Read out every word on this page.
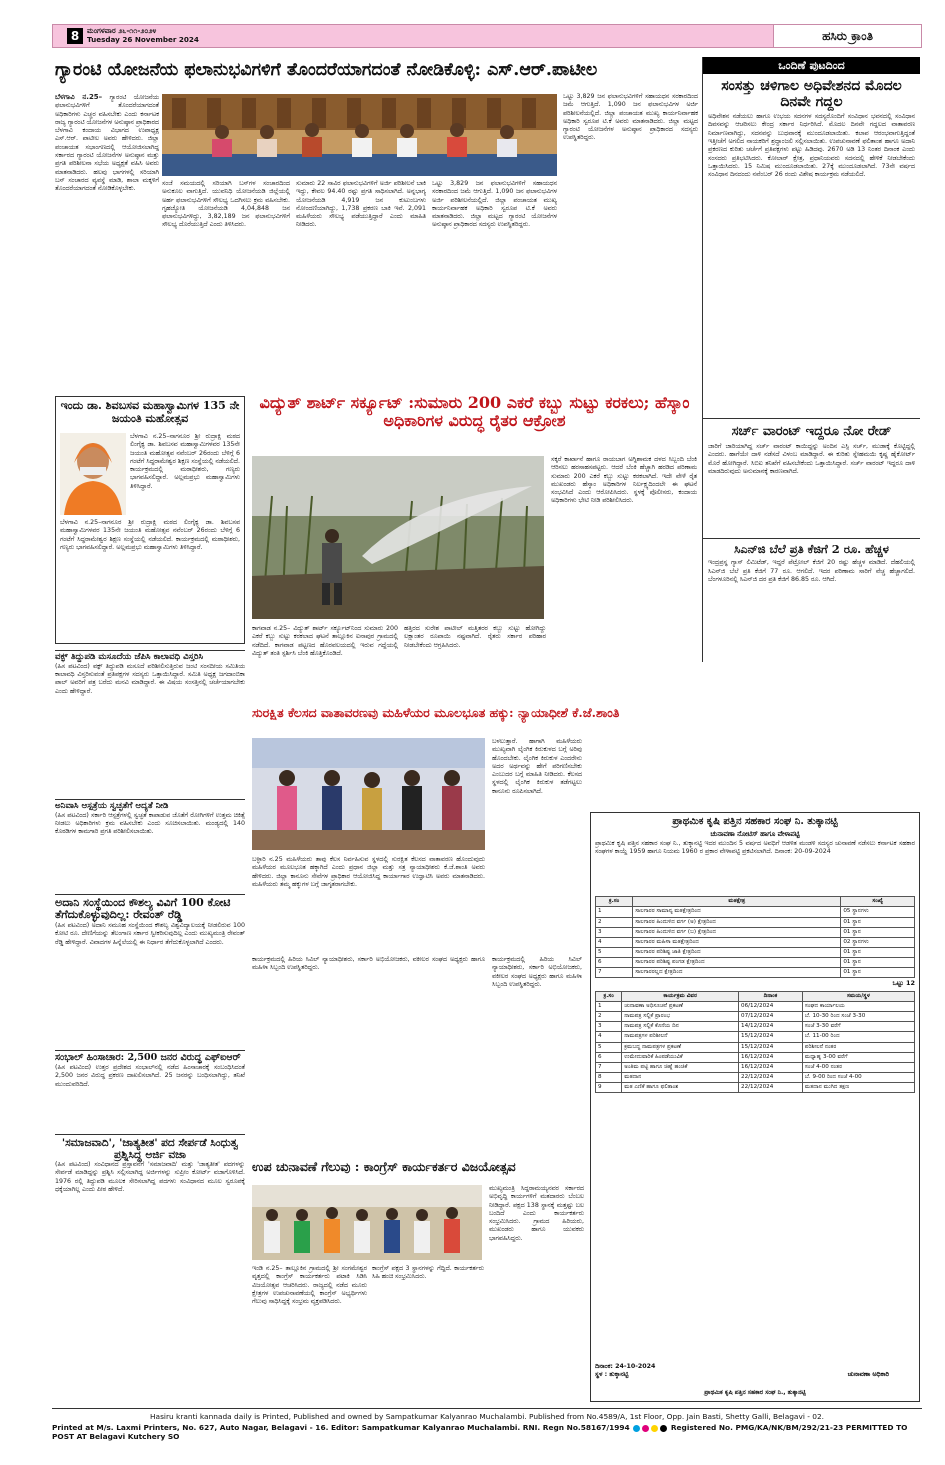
8	ಮಂಗಳವಾರ ೨೬-೧೧-೨೦೨೪
Tuesday 26 November 2024	ಹಸಿರು ಕ್ರಾಂತಿ
ಗ್ಯಾರಂಟಿ ಯೋಜನೆಯ ಫಲಾನುಭವಿಗಳಿಗೆ ತೊಂದರೆಯಾಗದಂತೆ ನೋಡಿಕೊಳ್ಳಿ: ಎಸ್.ಆರ್.ಪಾಟೀಲ
ಬೆಳಗಾವಿ ನ.25– ಗ್ಯಾರಂಟಿ ಯೋಜನೆಯ ಫಲಾನುಭವಿಗಳಿಗೆ ತೊಂದರೆಯಾಗದಂತೆ ಅಧಿಕಾರಿಗಳು ಎಚ್ಚರ ವಹಿಸಬೇಕು ಎಂದು ಕರ್ನಾಟಕ ರಾಜ್ಯ ಗ್ಯಾರಂಟಿ ಯೋಜನೆಗಳ ಅನುಷ್ಠಾನ ಪ್ರಾಧಿಕಾರದ ಬೆಳಗಾವಿ ಕಂದಾಯ ವಿಭಾಗದ ಉಪಾಧ್ಯಕ್ಷ ಎಸ್.ಆರ್. ಪಾಟೀಲ ಅವರು ಹೇಳಿದರು. ಜಿಲ್ಲಾ ಪಂಚಾಯತ ಸಭಾಂಗಣದಲ್ಲಿ ಆಯೋಜಿಸಲಾಗಿದ್ದ ಸರ್ಕಾರದ ಗ್ಯಾರಂಟಿ ಯೋಜನೆಗಳ ಅನುಷ್ಠಾನ ಮತ್ತು ಪ್ರಗತಿ ಪರಿಶೀಲನಾ ಸಭೆಯ ಅಧ್ಯಕ್ಷತೆ ವಹಿಸಿ ಅವರು ಮಾತನಾಡಿದರು. ಹಲವು ಭಾಗಗಳಲ್ಲಿ ಸರಿಯಾಗಿ ಬಸ್ ಸಂಚಾರದ ವ್ಯವಸ್ಥೆ ಮಾಡಿ, ಶಾಲಾ ಮಕ್ಕಳಿಗೆ ತೊಂದರೆಯಾಗದಂತೆ ನೋಡಿಕೊಳ್ಳಬೇಕು.
ಸಂಜೆ ಸಮಯದಲ್ಲಿ ಸರಿಯಾಗಿ ಬಸ್‌ಗಳ ಸಂಚಾರದಿಂದ ಅನುಕೂಲ ವಾಗುತ್ತಿದೆ. ಯುವನಿಧಿ ಯೋಜನೆಯಡಿ ಜಿಲ್ಲೆಯಲ್ಲಿ ಅರ್ಹ ಫಲಾನುಭವಿಗಳಿಗೆ ಸೌಲಭ್ಯ ಒದಗಿಸಲು ಕ್ರಮ ವಹಿಸಬೇಕು. ಗೃಹಜ್ಯೋತಿ ಯೋಜನೆಯಡಿ 4,04,848 ಜನ ಫಲಾನುಭವಿಗಳಿದ್ದು, 3,82,189 ಜನ ಫಲಾನುಭವಿಗಳಿಗೆ ಸೌಲಭ್ಯ ದೊರೆಯುತ್ತಿದೆ ಎಂದು ತಿಳಿಸಿದರು.
ಸುಮಾರು 22 ಸಾವಿರ ಫಲಾನುಭವಿಗಳಿಗೆ ಅರ್ಜಿ ಪರಿಶೀಲನೆ ಬಾಕಿ ಇದ್ದು, ಕೇವಲ 94.40 ರಷ್ಟು ಪ್ರಗತಿ ಸಾಧಿಸಲಾಗಿದೆ. ಅನ್ನಭಾಗ್ಯ ಯೋಜನೆಯಡಿ 4,919 ಜನ ಕುಟುಂಬಗಳು ನೋಂದಣಿಯಾಗಿದ್ದು, 1,738 ಪ್ರಕರಣ ಬಾಕಿ ಇವೆ. 2,091 ಮಹಿಳೆಯರು ಸೌಲಭ್ಯ ಪಡೆಯುತ್ತಿದ್ದಾರೆ ಎಂದು ಮಾಹಿತಿ ನೀಡಿದರು.
ಒಟ್ಟು 3,829 ಜನ ಫಲಾನುಭವಿಗಳಿಗೆ ಸಹಾಯಧನ ಸರಕಾರದಿಂದ ಜಮೆ ಆಗುತ್ತಿದೆ. 1,090 ಜನ ಫಲಾನುಭವಿಗಳ ಅರ್ಜಿ ಪರಿಶೀಲನೆಯಲ್ಲಿದೆ. ಜಿಲ್ಲಾ ಪಂಚಾಯತ ಮುಖ್ಯ ಕಾರ್ಯನಿರ್ವಾಹಕ ಅಧಿಕಾರಿ ಸ್ವರೂಪ ಟಿ.ಕೆ ಅವರು ಮಾತನಾಡಿದರು. ಜಿಲ್ಲಾ ಮಟ್ಟದ ಗ್ಯಾರಂಟಿ ಯೋಜನೆಗಳ ಅನುಷ್ಠಾನ ಪ್ರಾಧಿಕಾರದ ಸದಸ್ಯರು ಉಪಸ್ಥಿತರಿದ್ದರು.
ಒಟ್ಟು 3,829 ಜನ ಫಲಾನುಭವಿಗಳಿಗೆ ಸಹಾಯಧನ ಸರಕಾರದಿಂದ ಜಮೆ ಆಗುತ್ತಿದೆ. 1,090 ಜನ ಫಲಾನುಭವಿಗಳ ಅರ್ಜಿ ಪರಿಶೀಲನೆಯಲ್ಲಿದೆ. ಜಿಲ್ಲಾ ಪಂಚಾಯತ ಮುಖ್ಯ ಕಾರ್ಯನಿರ್ವಾಹಕ ಅಧಿಕಾರಿ ಸ್ವರೂಪ ಟಿ.ಕೆ ಅವರು ಮಾತನಾಡಿದರು. ಜಿಲ್ಲಾ ಮಟ್ಟದ ಗ್ಯಾರಂಟಿ ಯೋಜನೆಗಳ ಅನುಷ್ಠಾನ ಪ್ರಾಧಿಕಾರದ ಸದಸ್ಯರು ಉಪಸ್ಥಿತರಿದ್ದರು.
ಒಂದಿಣೆ ಪುಟದಿಂದ
ಸಂಸತ್ತು ಚಳಿಗಾಲ ಅಧಿವೇಶನದ ಮೊದಲ ದಿನವೇ ಗದ್ದಲ
ಅಧಿವೇಶನ ನಡೆಯಲು ಹಾಗೂ ಉಭಯ ಸದನಗಳ ಸದಸ್ಯರೊಂದಿಗೆ ಸಂವಿಧಾನ ಭವನದಲ್ಲಿ ಸಂವಿಧಾನ ದಿವಸವನ್ನು ಆಚರಿಸಲು ಕೇಂದ್ರ ಸರ್ಕಾರ ನಿರ್ಧರಿಸಿದೆ. ಮೊದಲ ದಿನವೇ ಗದ್ದಲದ ವಾತಾವರಣ ನಿರ್ಮಾಣವಾಗಿದ್ದು, ಸದನವನ್ನು ಬುಧವಾರಕ್ಕೆ ಮುಂದೂಡಲಾಯಿತು. ಕಲಾಪ ಆರಂಭವಾಗುತ್ತಿದ್ದಂತೆ ಇತ್ತೀಚೆಗೆ ಅಗಲಿದ ನಾಯಕರಿಗೆ ಶ್ರದ್ಧಾಂಜಲಿ ಸಲ್ಲಿಸಲಾಯಿತು. ಉಪಚುನಾವಣೆ ಫಲಿತಾಂಶ ಹಾಗೂ ಅದಾನಿ ಪ್ರಕರಣದ ಕುರಿತು ಚರ್ಚೆಗೆ ಪ್ರತಿಪಕ್ಷಗಳು ಪಟ್ಟು ಹಿಡಿದವು. 2670 ಅಡಿ 13 ನಿಂತರ ದಿನಾಂಕ ಎಂದು ಸಂಸದರು ಪ್ರತಿಭಟಿಸಿದರು. ಕೋಲಾರ್ ಕ್ಷೇತ್ರ, ಪ್ರಧಾನಿಯವರು ಸದನದಲ್ಲಿ ಹೇಳಿಕೆ ನೀಡಬೇಕೆಂದು ಒತ್ತಾಯಿಸಿದರು. 15 ನಿಮಿಷ ಮುಂದೂಡಲಾಯಿತು. 27ಕ್ಕೆ ಮುಂದೂಡಲಾಗಿದೆ. 73ನೇ ವರ್ಷದ ಸಂವಿಧಾನ ದಿನದಂದು ನವೆಂಬರ್ 26 ರಂದು ವಿಶೇಷ ಕಾರ್ಯಕ್ರಮ ನಡೆಯಲಿದೆ.
ಸರ್ಚ್ ವಾರಂಟ್ ಇದ್ದರೂ ನೋ ರೇಡ್
ಜಾರಿಗೆ ಜಾರಿಯಾಗಿದ್ದ ಸರ್ಚ್ ವಾರಂಟ್ ಕಾಯಿದ್ದನ್ನು ಅಂದಿನ ಎಸ್ಪಿ ಸರ್ಚ್, ಮುಡಾಕ್ಕೆ ಕೊಟ್ಟಿದ್ದಲ್ಲಿ ಎಂದರು. ಹಾಗೆಯೇ ದಾಳಿ ನಡೆಸದೆ ವಿಳಂಬ ಮಾಡಿದ್ದಾರೆ. ಈ ಕುರಿತು ಸ್ನೇಹಮಯಿ ಕೃಷ್ಣ ಹೈಕೋರ್ಟ್ ಮೊರೆ ಹೋಗಿದ್ದಾರೆ. ಸಿಬಿಐ ತನಿಖೆಗೆ ವಹಿಸಬೇಕೆಂದು ಒತ್ತಾಯಿಸಿದ್ದಾರೆ. ಸರ್ಚ್ ವಾರಂಟ್ ಇದ್ದರೂ ದಾಳಿ ಮಾಡದಿರುವುದು ಅನುಮಾನಕ್ಕೆ ಕಾರಣವಾಗಿದೆ.
ಸಿಎನ್‌ಜಿ ಬೆಲೆ ಪ್ರತಿ ಕೆಜಿಗೆ 2 ರೂ. ಹೆಚ್ಚಳ
ಇಂದ್ರಪ್ರಸ್ಥ ಗ್ಯಾಸ್ ಲಿಮಿಟೆಡ್, ಇದ್ದರೆ ಪೆಟ್ರೋಲ್ ಕೆಜಿಗೆ 20 ರಷ್ಟು ಹೆಚ್ಚಳ ಮಾಡಿದೆ. ದೆಹಲಿಯಲ್ಲಿ ಸಿಎನ್‌ಜಿ ಬೆಲೆ ಪ್ರತಿ ಕೆಜಿಗೆ 77 ರೂ. ಆಗಲಿದೆ. ಇದರ ಪರಿಣಾಮ ಸಾರಿಗೆ ವೆಚ್ಚ ಹೆಚ್ಚಾಗಲಿದೆ. ಬೆಂಗಳೂರಿನಲ್ಲಿ ಸಿಎನ್‌ಜಿ ದರ ಪ್ರತಿ ಕೆಜಿಗೆ 86.85 ರೂ. ಆಗಿದೆ.
ಇಂದು ಡಾ. ಶಿವಬಸವ ಮಹಾಸ್ವಾಮಿಗಳ 135 ನೇ ಜಯಂತಿ ಮಹೋತ್ಸವ
ಬೆಳಗಾವಿ ನ.25–ನಾಗನೂರ ಶ್ರೀ ರುದ್ರಾಕ್ಷಿ ಮಠದ ಲಿಂಗೈಕ್ಯ ಡಾ. ಶಿವಬಸವ ಮಹಾಸ್ವಾಮಿಗಳವರ 135ನೇ ಜಯಂತಿ ಮಹೋತ್ಸವ ನವೆಂಬರ್ 26ರಂದು ಬೆಳಿಗ್ಗೆ 6 ಗಂಟೆಗೆ ಸಿದ್ಧರಾಮೇಶ್ವರ ಶಿಕ್ಷಣ ಸಂಸ್ಥೆಯಲ್ಲಿ ನಡೆಯಲಿದೆ. ಕಾರ್ಯಕ್ರಮದಲ್ಲಿ ಮಠಾಧೀಶರು, ಗಣ್ಯರು ಭಾಗವಹಿಸಲಿದ್ದಾರೆ. ಅಲ್ಲಮಪ್ರಭು ಮಹಾಸ್ವಾಮಿಗಳು ತಿಳಿಸಿದ್ದಾರೆ.
ಬೆಳಗಾವಿ ನ.25–ನಾಗನೂರ ಶ್ರೀ ರುದ್ರಾಕ್ಷಿ ಮಠದ ಲಿಂಗೈಕ್ಯ ಡಾ. ಶಿವಬಸವ ಮಹಾಸ್ವಾಮಿಗಳವರ 135ನೇ ಜಯಂತಿ ಮಹೋತ್ಸವ ನವೆಂಬರ್ 26ರಂದು ಬೆಳಿಗ್ಗೆ 6 ಗಂಟೆಗೆ ಸಿದ್ಧರಾಮೇಶ್ವರ ಶಿಕ್ಷಣ ಸಂಸ್ಥೆಯಲ್ಲಿ ನಡೆಯಲಿದೆ. ಕಾರ್ಯಕ್ರಮದಲ್ಲಿ ಮಠಾಧೀಶರು, ಗಣ್ಯರು ಭಾಗವಹಿಸಲಿದ್ದಾರೆ. ಅಲ್ಲಮಪ್ರಭು ಮಹಾಸ್ವಾಮಿಗಳು ತಿಳಿಸಿದ್ದಾರೆ.
ವಿದ್ಯುತ್ ಶಾರ್ಟ್ ಸರ್ಕ್ಯೂಟ್ :ಸುಮಾರು 200 ಎಕರೆ ಕಬ್ಬು ಸುಟ್ಟು ಕರಕಲು; ಹೆಸ್ಕಾಂ ಅಧಿಕಾರಿಗಳ ವಿರುದ್ಧ ರೈತರ ಆಕ್ರೋಶ
ಸಕ್ಕರೆ ಕಾರ್ಖಾನೆ ಹಾಗೂ ರಾಯಬಾಗ ಅಗ್ನಿಶಾಮಕ ದಳದ ಸಿಬ್ಬಂದಿ ಬೆಂಕಿ ಆರಿಸಲು ಹರಸಾಹಸಪಟ್ಟರು. ಆದರೆ ಬೆಂಕಿ ಹೆಚ್ಚಾಗಿ ಹರಡಿದ ಪರಿಣಾಮ ಸುಮಾರು 200 ಎಕರೆ ಕಬ್ಬು ಸುಟ್ಟು ಕರಕಲಾಗಿದೆ. ಇದೇ ವೇಳೆ ರೈತ ಮುಖಂಡರು ಹೆಸ್ಕಾಂ ಅಧಿಕಾರಿಗಳ ನಿರ್ಲಕ್ಷ್ಯದಿಂದಲೇ ಈ ಘಟನೆ ಸಂಭವಿಸಿದೆ ಎಂದು ಆರೋಪಿಸಿದರು. ಸ್ಥಳಕ್ಕೆ ಪೊಲೀಸರು, ಕಂದಾಯ ಅಧಿಕಾರಿಗಳು ಭೇಟಿ ನೀಡಿ ಪರಿಶೀಲಿಸಿದರು.
ಕಾಗವಾಡ ನ.25– ವಿದ್ಯುತ್ ಶಾರ್ಟ್ ಸರ್ಕ್ಯೂಟ್‌ನಿಂದ ಸುಮಾರು 200 ಎಕರೆ ಕಬ್ಬು ಸುಟ್ಟು ಕರಕಲಾದ ಘಟನೆ ತಾಲ್ಲೂಕಿನ ಐನಾಪುರ ಗ್ರಾಮದಲ್ಲಿ ನಡೆದಿದೆ. ಕಾಗವಾಡ ಪಟ್ಟಣದ ಹೊರವಲಯದಲ್ಲಿ ಇರುವ ಗದ್ದೆಯಲ್ಲಿ ವಿದ್ಯುತ್ ತಂತಿ ಸ್ಪರ್ಶಿಸಿ ಬೆಂಕಿ ಹೊತ್ತಿಕೊಂಡಿದೆ.
ಹತ್ತಿರದ ಸುರೇಶ ಪಾಟೀಲ್ ಮತ್ತಿತರರ ಕಬ್ಬು ಸುಟ್ಟು ಹೋಗಿದ್ದು ಲಕ್ಷಾಂತರ ರೂಪಾಯಿ ನಷ್ಟವಾಗಿದೆ. ರೈತರು ಸರ್ಕಾರ ಪರಿಹಾರ ನೀಡಬೇಕೆಂದು ಆಗ್ರಹಿಸಿದರು.
ಸುರಕ್ಷಿತ ಕೆಲಸದ ವಾತಾವರಣವು ಮಹಿಳೆಯರ ಮೂಲಭೂತ ಹಕ್ಕು: ನ್ಯಾಯಾಧೀಶೆ ಕೆ.ಜೆ.ಶಾಂತಿ
ಬಳಲುತ್ತಾರೆ. ಹಾಗಾಗಿ ಮಹಿಳೆಯರು ಮುಖ್ಯವಾಗಿ ಲೈಂಗಿಕ ಕಿರುಕುಳದ ಬಗ್ಗೆ ಅರಿವು ಹೊಂದಬೇಕು. ಲೈಂಗಿಕ ಕಿರುಕುಳ ಎಂದರೇನು ಅದರ ಅರ್ಥವನ್ನು ಹೇಗೆ ಪರಿಗಣಿಸಬೇಕು ಎಂಬುದರ ಬಗ್ಗೆ ಮಾಹಿತಿ ನೀಡಿದರು. ಕೆಲಸದ ಸ್ಥಳದಲ್ಲಿ ಲೈಂಗಿಕ ಕಿರುಕುಳ ತಡೆಗಟ್ಟಲು ಕಾನೂನು ರೂಪಿಸಲಾಗಿದೆ.
ಬಳ್ಳಾರಿ ನ.25 ಮಹಿಳೆಯರು ತಾವು ಕೆಲಸ ನಿರ್ವಹಿಸುವ ಸ್ಥಳದಲ್ಲಿ ಸುರಕ್ಷಿತ ಕೆಲಸದ ವಾತಾವರಣ ಹೊಂದುವುದು ಮಹಿಳೆಯರ ಮೂಲಭೂತ ಹಕ್ಕಾಗಿದೆ ಎಂದು ಪ್ರಧಾನ ಜಿಲ್ಲಾ ಮತ್ತು ಸತ್ರ ನ್ಯಾಯಾಧೀಶರು ಕೆ.ಜೆ.ಶಾಂತಿ ಅವರು ಹೇಳಿದರು. ಜಿಲ್ಲಾ ಕಾನೂನು ಸೇವೆಗಳ ಪ್ರಾಧಿಕಾರ ಆಯೋಜಿಸಿದ್ದ ಕಾರ್ಯಾಗಾರ ಉದ್ಘಾಟಿಸಿ ಅವರು ಮಾತನಾಡಿದರು. ಮಹಿಳೆಯರು ತಮ್ಮ ಹಕ್ಕುಗಳ ಬಗ್ಗೆ ಜಾಗೃತರಾಗಬೇಕು.
ಕಾರ್ಯಕ್ರಮದಲ್ಲಿ ಹಿರಿಯ ಸಿವಿಲ್ ನ್ಯಾಯಾಧೀಶರು, ಸರ್ಕಾರಿ ಅಭಿಯೋಜಕರು, ವಕೀಲರ ಸಂಘದ ಅಧ್ಯಕ್ಷರು ಹಾಗೂ ಮಹಿಳಾ ಸಿಬ್ಬಂದಿ ಉಪಸ್ಥಿತರಿದ್ದರು.
ಕಾರ್ಯಕ್ರಮದಲ್ಲಿ ಹಿರಿಯ ಸಿವಿಲ್ ನ್ಯಾಯಾಧೀಶರು, ಸರ್ಕಾರಿ ಅಭಿಯೋಜಕರು, ವಕೀಲರ ಸಂಘದ ಅಧ್ಯಕ್ಷರು ಹಾಗೂ ಮಹಿಳಾ ಸಿಬ್ಬಂದಿ ಉಪಸ್ಥಿತರಿದ್ದರು.
ಉಪ ಚುನಾವಣೆ ಗೆಲುವು : ಕಾಂಗ್ರೆಸ್ ಕಾರ್ಯಕರ್ತರ ವಿಜಯೋತ್ಸವ
ಮುಖ್ಯಮಂತ್ರಿ ಸಿದ್ದರಾಮಯ್ಯನವರ ಸರ್ಕಾರದ ಅಭಿವೃದ್ಧಿ ಕಾರ್ಯಗಳಿಗೆ ಮತದಾರರು ಬೆಂಬಲ ನೀಡಿದ್ದಾರೆ. ಪಕ್ಷದ 138 ಸ್ಥಾನಕ್ಕೆ ಮತ್ತಷ್ಟು ಬಲ ಬಂದಿದೆ ಎಂದು ಕಾರ್ಯಕರ್ತರು ಸಂಭ್ರಮಿಸಿದರು. ಗ್ರಾಮದ ಹಿರಿಯರು, ಮುಖಂಡರು ಹಾಗೂ ಯುವಕರು ಭಾಗವಹಿಸಿದ್ದರು.
ಇಂಡಿ ನ.25– ತಾಲ್ಲೂಕಿನ ಗ್ರಾಮದಲ್ಲಿ ಶ್ರೀ ಸಂಗಮೇಶ್ವರ ವೃತ್ತದಲ್ಲಿ ಕಾಂಗ್ರೆಸ್ ಕಾರ್ಯಕರ್ತರು ಪಟಾಕಿ ಸಿಡಿಸಿ ವಿಜಯೋತ್ಸವ ಆಚರಿಸಿದರು. ರಾಜ್ಯದಲ್ಲಿ ನಡೆದ ಮೂರು ಕ್ಷೇತ್ರಗಳ ಉಪಚುನಾವಣೆಯಲ್ಲಿ ಕಾಂಗ್ರೆಸ್ ಅಭ್ಯರ್ಥಿಗಳು ಗೆಲುವು ಸಾಧಿಸಿದ್ದಕ್ಕೆ ಸಂಭ್ರಮ ವ್ಯಕ್ತಪಡಿಸಿದರು.
ಕಾಂಗ್ರೆಸ್ ಪಕ್ಷದ 3 ಸ್ಥಾನಗಳನ್ನು ಗೆದ್ದಿದೆ. ಕಾರ್ಯಕರ್ತರು ಸಿಹಿ ಹಂಚಿ ಸಂಭ್ರಮಿಸಿದರು.
ವಕ್ಫ್ ತಿದ್ದುಪಡಿ ಮಸೂದೆಯ ಜೆಪಿಸಿ ಕಾಲಾವಧಿ ವಿಸ್ತರಿಸಿ
(ಹಿಸ ಪಟವಿಂದ) ವಕ್ಫ್ ತಿದ್ದುಪಡಿ ಮಸೂದೆ ಪರಿಶೀಲಿಸುತ್ತಿರುವ ಜಂಟಿ ಸಂಸದೀಯ ಸಮಿತಿಯ ಕಾಲಾವಧಿ ವಿಸ್ತರಿಸುವಂತೆ ಪ್ರತಿಪಕ್ಷಗಳ ಸದಸ್ಯರು ಒತ್ತಾಯಿಸಿದ್ದಾರೆ. ಸಮಿತಿ ಅಧ್ಯಕ್ಷ ಜಗದಾಂಬಿಕಾ ಪಾಲ್ ಅವರಿಗೆ ಪತ್ರ ಬರೆದು ಮನವಿ ಮಾಡಿದ್ದಾರೆ. ಈ ವಿಷಯ ಸಂಸತ್ತಿನಲ್ಲಿ ಚರ್ಚೆಯಾಗಬೇಕು ಎಂದು ಹೇಳಿದ್ದಾರೆ.
ಅನಿವಾಸಿ ಆಸ್ಪತ್ರೆಯ ಸ್ವಚ್ಛತೆಗೆ ಆದ್ಯತೆ ನೀಡಿ
(ಹಿಸ ಪಟವಿಂದ) ಸರ್ಕಾರಿ ಆಸ್ಪತ್ರೆಗಳಲ್ಲಿ ಸ್ವಚ್ಛತೆ ಕಾಪಾಡುವ ಜೊತೆಗೆ ರೋಗಿಗಳಿಗೆ ಉತ್ತಮ ಚಿಕಿತ್ಸೆ ನೀಡಲು ಅಧಿಕಾರಿಗಳು ಕ್ರಮ ವಹಿಸಬೇಕು ಎಂದು ಸೂಚಿಸಲಾಯಿತು. ಮಂಡ್ಯದಲ್ಲಿ 140 ಕೊಠಡಿಗಳ ಕಾಮಗಾರಿ ಪ್ರಗತಿ ಪರಿಶೀಲಿಸಲಾಯಿತು.
ಅದಾನಿ ಸಂಸ್ಥೆಯಿಂದ ಕೌಶಲ್ಯ ವಿವಿಗೆ 100 ಕೋಟಿ ತೆಗೆದುಕೊಳ್ಳುವುದಿಲ್ಲ: ರೇವಂತ್ ರೆಡ್ಡಿ
(ಹಿಸ ಪಟವಿಂದ) ಅದಾನಿ ಸಮೂಹ ಸಂಸ್ಥೆಯಿಂದ ಕೌಶಲ್ಯ ವಿಶ್ವವಿದ್ಯಾಲಯಕ್ಕೆ ನೀಡಲಿರುವ 100 ಕೋಟಿ ರೂ. ದೇಣಿಗೆಯನ್ನು ತೆಲಂಗಾಣ ಸರ್ಕಾರ ಸ್ವೀಕರಿಸುವುದಿಲ್ಲ ಎಂದು ಮುಖ್ಯಮಂತ್ರಿ ರೇವಂತ್ ರೆಡ್ಡಿ ಹೇಳಿದ್ದಾರೆ. ವಿವಾದಗಳ ಹಿನ್ನೆಲೆಯಲ್ಲಿ ಈ ನಿರ್ಧಾರ ತೆಗೆದುಕೊಳ್ಳಲಾಗಿದೆ ಎಂದರು.
ಸಂಭಾಲ್ ಹಿಂಸಾಚಾರ: 2,500 ಜನರ ವಿರುದ್ಧ ಎಫ್‌ಐಆರ್
(ಹಿಸ ಪಟವಿಂದ) ಉತ್ತರ ಪ್ರದೇಶದ ಸಂಭಾಲ್‌ನಲ್ಲಿ ನಡೆದ ಹಿಂಸಾಚಾರಕ್ಕೆ ಸಂಬಂಧಿಸಿದಂತೆ 2,500 ಜನರ ವಿರುದ್ಧ ಪ್ರಕರಣ ದಾಖಲಿಸಲಾಗಿದೆ. 25 ಜನರನ್ನು ಬಂಧಿಸಲಾಗಿದ್ದು, ತನಿಖೆ ಮುಂದುವರಿದಿದೆ.
'ಸಮಾಜವಾದಿ', 'ಜಾತ್ಯತೀತ' ಪದ ಸೇರ್ಪಡೆ ಸಿಂಧುತ್ವ ಪ್ರಶ್ನಿಸಿದ್ದ ಅರ್ಜಿ ವಜಾ
(ಹಿಸ ಪಟವಿಂದ) ಸಂವಿಧಾನದ ಪ್ರಸ್ತಾವನೆಗೆ 'ಸಮಾಜವಾದಿ' ಮತ್ತು 'ಜಾತ್ಯತೀತ' ಪದಗಳನ್ನು ಸೇರ್ಪಡೆ ಮಾಡಿದ್ದನ್ನು ಪ್ರಶ್ನಿಸಿ ಸಲ್ಲಿಸಲಾಗಿದ್ದ ಅರ್ಜಿಗಳನ್ನು ಸುಪ್ರೀಂ ಕೋರ್ಟ್ ವಜಾಗೊಳಿಸಿದೆ. 1976 ರಲ್ಲಿ ತಿದ್ದುಪಡಿ ಮೂಲಕ ಸೇರಿಸಲಾಗಿದ್ದ ಪದಗಳು ಸಂವಿಧಾನದ ಮೂಲ ಸ್ವರೂಪಕ್ಕೆ ಧಕ್ಕೆಯಾಗಿಲ್ಲ ಎಂದು ಪೀಠ ಹೇಳಿದೆ.
ಪ್ರಾಥಮಿಕ ಕೃಷಿ ಪತ್ತಿನ ಸಹಕಾರ ಸಂಘ ನಿ. ತುಕ್ಕಾನಟ್ಟಿ
ಚುನಾವಣಾ ನೋಟಿಸ್ ಹಾಗೂ ವೇಳಾಪಟ್ಟಿ
ಪ್ರಾಥಮಿಕ ಕೃಷಿ ಪತ್ತಿನ ಸಹಕಾರ ಸಂಘ ನಿ., ತುಕ್ಕಾನಟ್ಟಿ ಇದರ ಮುಂದಿನ 5 ವರ್ಷದ ಅವಧಿಗೆ ಆಡಳಿತ ಮಂಡಳಿ ಸದಸ್ಯರ ಚುನಾವಣೆ ನಡೆಸಲು ಕರ್ನಾಟಕ ಸಹಕಾರ ಸಂಘಗಳ ಕಾಯ್ದೆ 1959 ಹಾಗೂ ನಿಯಮ 1960 ರ ಪ್ರಕಾರ ವೇಳಾಪಟ್ಟಿ ಪ್ರಕಟಿಸಲಾಗಿದೆ. ದಿನಾಂಕ: 20-09-2024
ಕ್ರ.ಸಂ	ಮತಕ್ಷೇತ್ರ	ಸಂಖ್ಯೆ
1	ಸಾಲಗಾರರ ಸಾಮಾನ್ಯ ಮತಕ್ಷೇತ್ರದಿಂದ	05 ಸ್ಥಾನಗಳು
2	ಸಾಲಗಾರರ ಹಿಂದುಳಿದ ವರ್ಗ (ಅ) ಕ್ಷೇತ್ರದಿಂದ	01 ಸ್ಥಾನ
3	ಸಾಲಗಾರರ ಹಿಂದುಳಿದ ವರ್ಗ (ಬ) ಕ್ಷೇತ್ರದಿಂದ	01 ಸ್ಥಾನ
4	ಸಾಲಗಾರರ ಮಹಿಳಾ ಮತಕ್ಷೇತ್ರದಿಂದ	02 ಸ್ಥಾನಗಳು
5	ಸಾಲಗಾರರ ಪರಿಶಿಷ್ಟ ಜಾತಿ ಕ್ಷೇತ್ರದಿಂದ	01 ಸ್ಥಾನ
6	ಸಾಲಗಾರರ ಪರಿಶಿಷ್ಟ ಪಂಗಡ ಕ್ಷೇತ್ರದಿಂದ	01 ಸ್ಥಾನ
7	ಸಾಲಗಾರರಲ್ಲದ ಕ್ಷೇತ್ರದಿಂದ	01 ಸ್ಥಾನ
ಒಟ್ಟು 12
ಕ್ರ.ಸಂ	ಕಾರ್ಯಕ್ರಮ ವಿವರ	ದಿನಾಂಕ	ಸಮಯ/ಸ್ಥಳ
1	ಚುನಾವಣಾ ಅಧಿಸೂಚನೆ ಪ್ರಕಟಣೆ	06/12/2024	ಸಂಘದ ಕಾರ್ಯಾಲಯ
2	ನಾಮಪತ್ರ ಸಲ್ಲಿಕೆ ಪ್ರಾರಂಭ	07/12/2024	ಬೆ. 10-30 ರಿಂದ ಸಂಜೆ 3-30
3	ನಾಮಪತ್ರ ಸಲ್ಲಿಕೆ ಕೊನೆಯ ದಿನ	14/12/2024	ಸಂಜೆ 3-30 ವರೆಗೆ
4	ನಾಮಪತ್ರಗಳ ಪರಿಶೀಲನೆ	15/12/2024	ಬೆ. 11-00 ರಿಂದ
5	ಕ್ರಮಬದ್ಧ ನಾಮಪತ್ರಗಳ ಪ್ರಕಟಣೆ	15/12/2024	ಪರಿಶೀಲನೆ ನಂತರ
6	ಉಮೇದುವಾರಿಕೆ ಹಿಂಪಡೆಯುವಿಕೆ	16/12/2024	ಮಧ್ಯಾಹ್ನ 3-00 ವರೆಗೆ
7	ಅಂತಿಮ ಪಟ್ಟಿ ಹಾಗೂ ಚಿಹ್ನೆ ಹಂಚಿಕೆ	16/12/2024	ಸಂಜೆ 4-00 ನಂತರ
8	ಮತದಾನ	22/12/2024	ಬೆ. 9-00 ರಿಂದ ಸಂಜೆ 4-00
9	ಮತ ಎಣಿಕೆ ಹಾಗೂ ಫಲಿತಾಂಶ	22/12/2024	ಮತದಾನ ಮುಗಿದ ತಕ್ಷಣ
ದಿನಾಂಕ: 24-10-2024
ಸ್ಥಳ : ತುಕ್ಕಾನಟ್ಟಿ	ಚುನಾವಣಾ ಅಧಿಕಾರಿ
ಪ್ರಾಥಮಿಕ ಕೃಷಿ ಪತ್ತಿನ ಸಹಕಾರ ಸಂಘ ನಿ., ತುಕ್ಕಾನಟ್ಟಿ
Hasiru kranti kannada daily is Printed, Published and owned by Sampatkumar Kalyanrao Muchalambi. Published from No.4589/A, 1st Floor, Opp. Jain Basti, Shetty Galli, Belagavi - 02.
Printed at M/s. Laxmi Printers, No. 627, Auto Nagar, Belagavi - 16. Editor: Sampatkumar Kalyanrao Muchalambi. RNI. Regn No.58167/1994	Registered No. PMG/KA/NK/BM/292/21-23 PERMITTED TO POST AT Belagavi Kutchery SO
